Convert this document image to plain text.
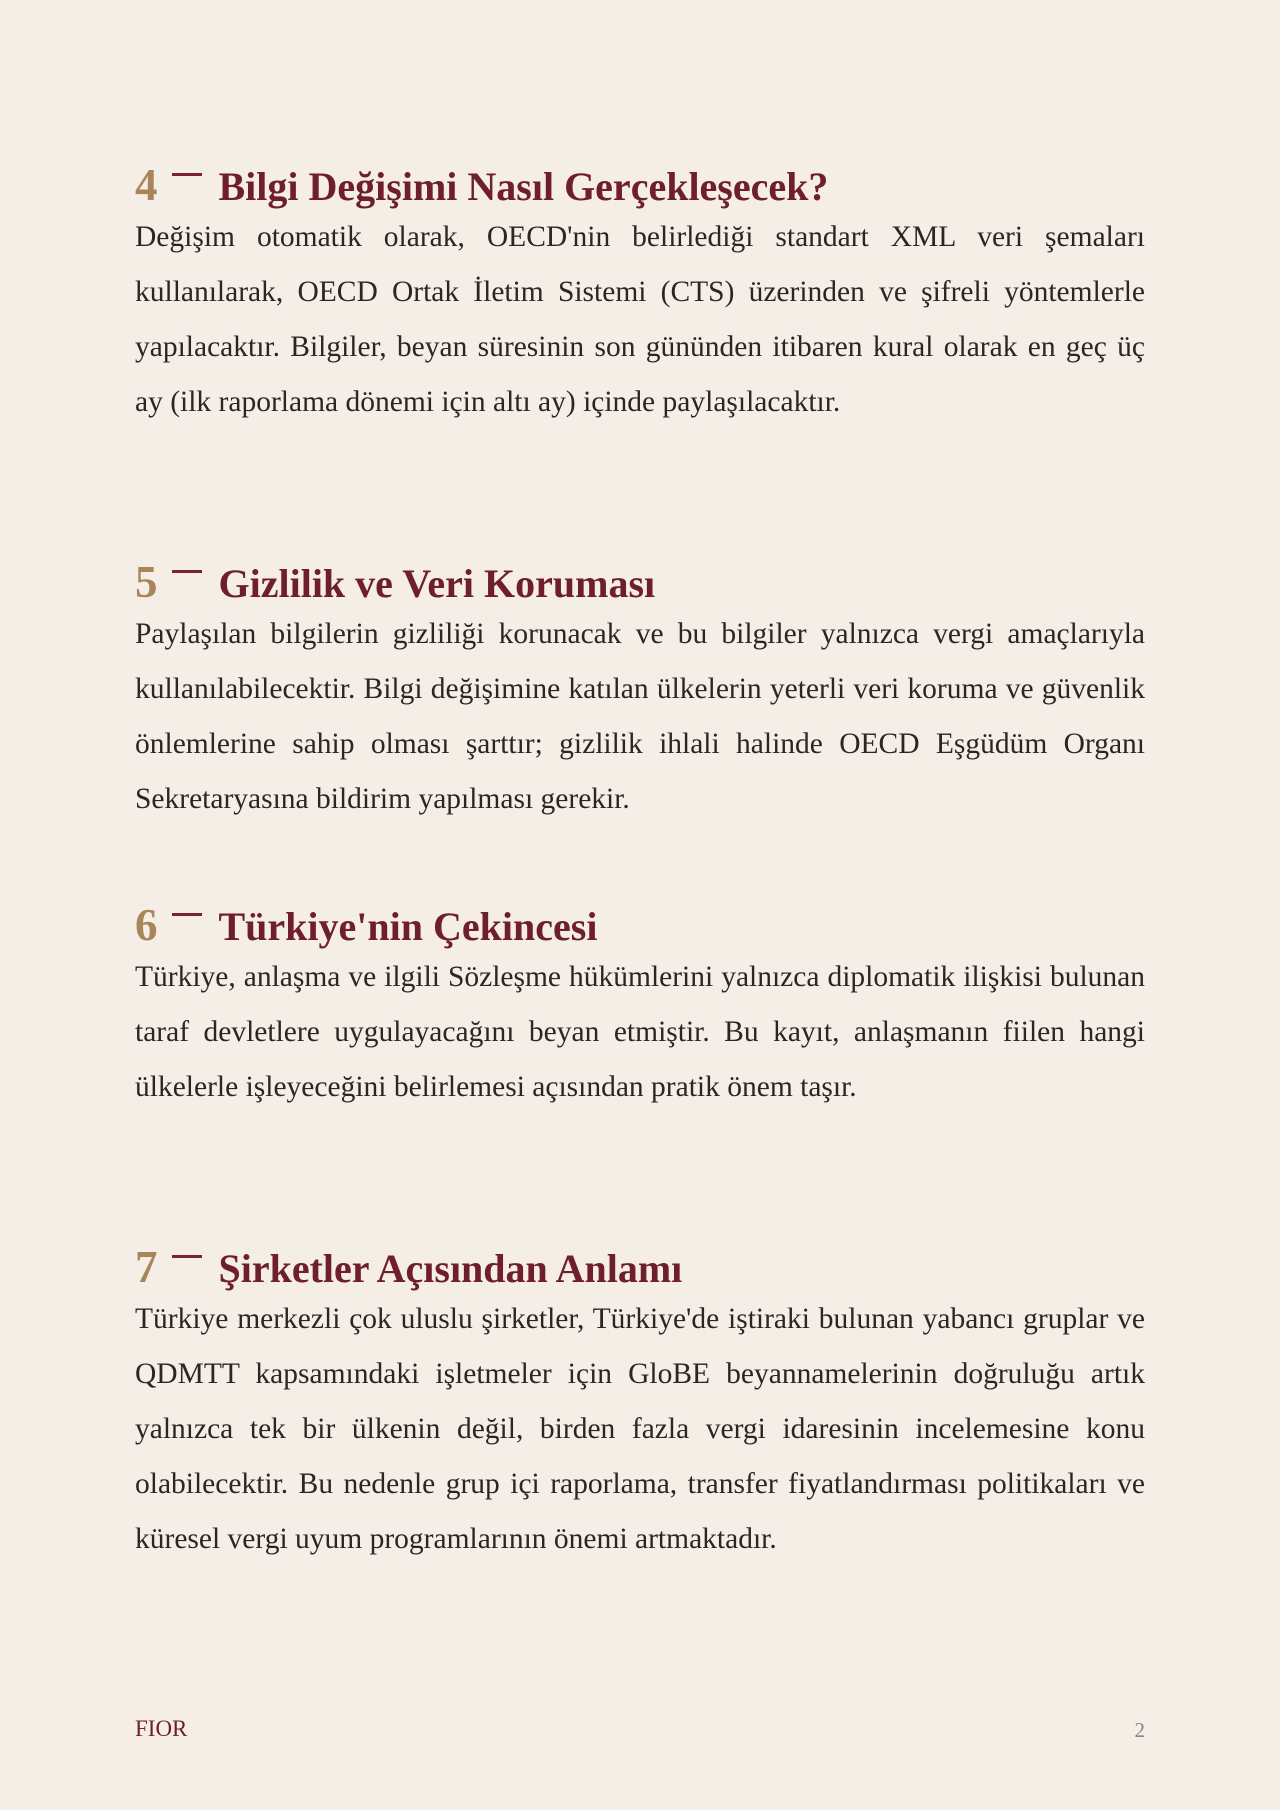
4 Bilgi Değişimi Nasıl Gerçekleşecek?

Değişim otomatik olarak, OECD'nin belirlediği standart XML veri şemaları kullanılarak, OECD Ortak İletim Sistemi (CTS) üzerinden ve şifreli yöntemlerle yapılacaktır. Bilgiler, beyan süresinin son gününden itibaren kural olarak en geç üç ay (ilk raporlama dönemi için altı ay) içinde paylaşılacaktır.

5 Gizlilik ve Veri Koruması

Paylaşılan bilgilerin gizliliği korunacak ve bu bilgiler yalnızca vergi amaçlarıyla kullanılabilecektir. Bilgi değişimine katılan ülkelerin yeterli veri koruma ve güvenlik önlemlerine sahip olması şarttır; gizlilik ihlali halinde OECD Eşgüdüm Organı Sekretaryasına bildirim yapılması gerekir.

6 Türkiye'nin Çekincesi

Türkiye, anlaşma ve ilgili Sözleşme hükümlerini yalnızca diplomatik ilişkisi bulunan taraf devletlere uygulayacağını beyan etmiştir. Bu kayıt, anlaşmanın fiilen hangi ülkelerle işleyeceğini belirlemesi açısından pratik önem taşır.

7 Şirketler Açısından Anlamı

Türkiye merkezli çok uluslu şirketler, Türkiye'de iştiraki bulunan yabancı gruplar ve QDMTT kapsamındaki işletmeler için GloBE beyannamelerinin doğruluğu artık yalnızca tek bir ülkenin değil, birden fazla vergi idaresinin incelemesine konu olabilecektir. Bu nedenle grup içi raporlama, transfer fiyatlandırması politikaları ve küresel vergi uyum programlarının önemi artmaktadır.

FIOR	2
